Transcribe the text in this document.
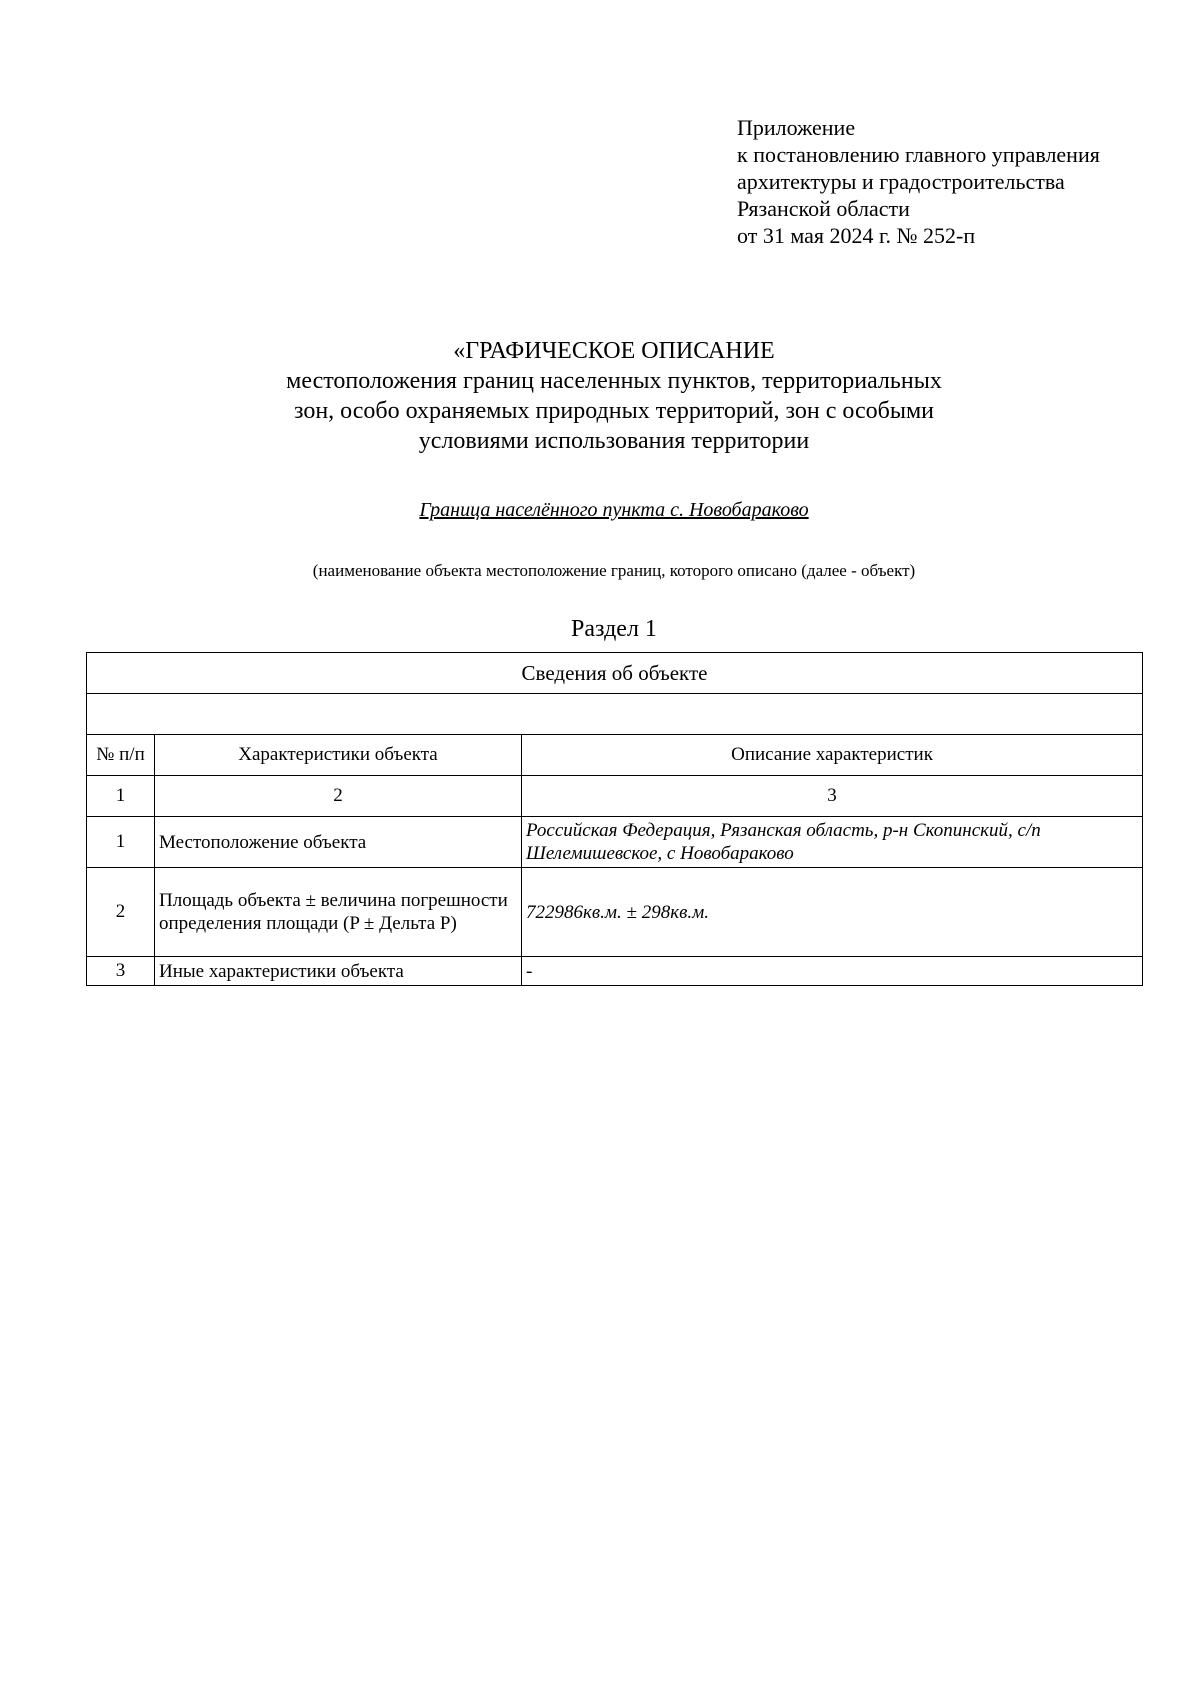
Приложение
к постановлению главного управления
архитектуры и градостроительства
Рязанской области
от 31 мая 2024 г. № 252-п
«ГРАФИЧЕСКОЕ ОПИСАНИЕ
местоположения границ населенных пунктов, территориальных
зон, особо охраняемых природных территорий, зон с особыми
условиями использования территории
Граница населённого пункта с. Новобараково
(наименование объекта местоположение границ, которого описано (далее - объект)
Раздел 1
Сведения об объекте		

№ п/п	Характеристики объекта	Описание характеристик
1	2	3
1	Местоположение объекта	Российская Федерация, Рязанская область, р-н Скопинский, с/п Шелемишевское, с Новобараково
2	Площадь объекта ± величина погрешности определения площади (P ± Дельта P)	722986кв.м. ± 298кв.м.
3	Иные характеристики объекта	-
